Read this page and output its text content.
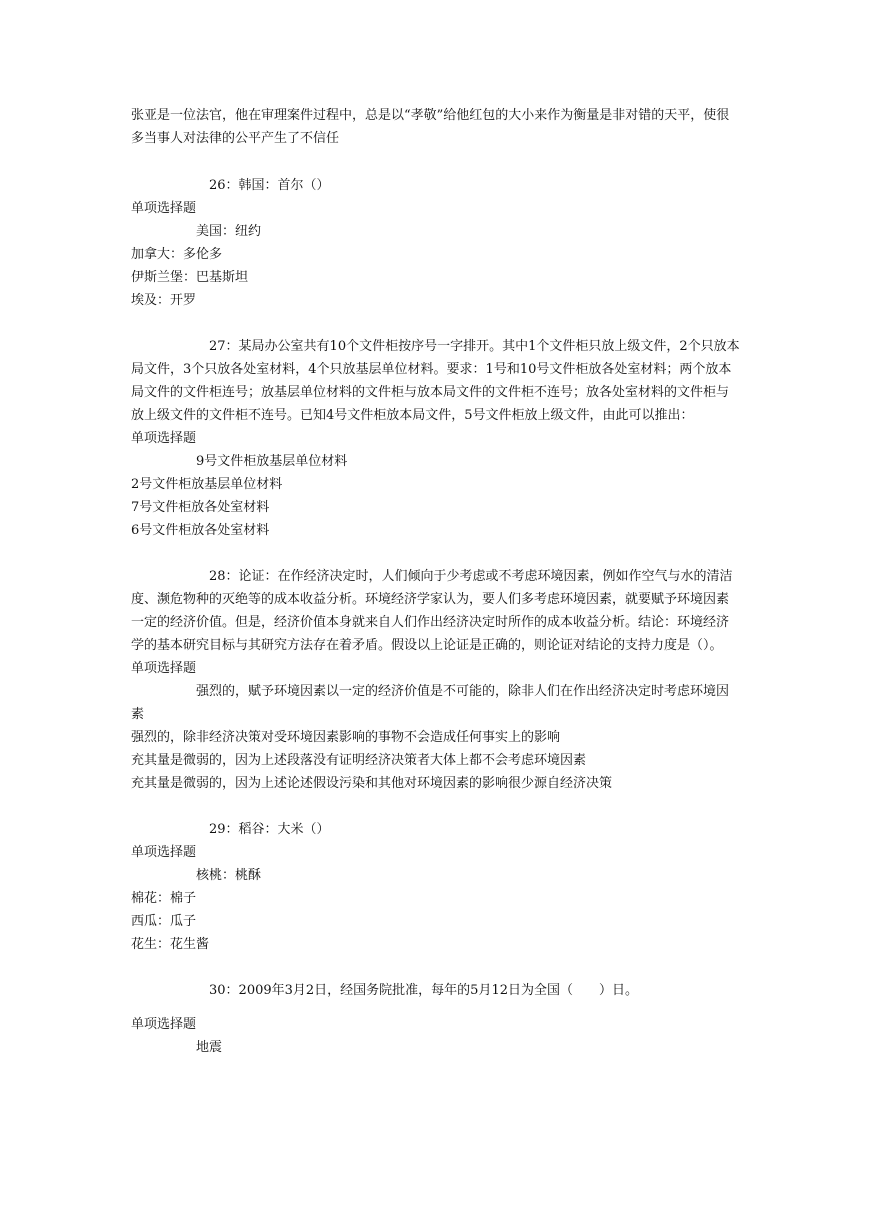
张亚是一位法官，他在审理案件过程中，总是以“孝敬”给他红包的大小来作为衡量是非对错的天平，使很多当事人对法律的公平产生了不信任

26：韩国：首尔（）

单项选择题

美国：纽约

加拿大：多伦多

伊斯兰堡：巴基斯坦

埃及：开罗

27：某局办公室共有10个文件柜按序号一字排开。其中1个文件柜只放上级文件，2个只放本局文件，3个只放各处室材料，4个只放基层单位材料。要求：1号和10号文件柜放各处室材料；两个放本局文件的文件柜连号；放基层单位材料的文件柜与放本局文件的文件柜不连号；放各处室材料的文件柜与放上级文件的文件柜不连号。已知4号文件柜放本局文件，5号文件柜放上级文件，由此可以推出：

单项选择题

9号文件柜放基层单位材料

2号文件柜放基层单位材料

7号文件柜放各处室材料

6号文件柜放各处室材料

28：论证：在作经济决定时，人们倾向于少考虑或不考虑环境因素，例如作空气与水的清洁度、濒危物种的灭绝等的成本收益分析。环境经济学家认为，要人们多考虑环境因素，就要赋予环境因素一定的经济价值。但是，经济价值本身就来自人们作出经济决定时所作的成本收益分析。结论：环境经济学的基本研究目标与其研究方法存在着矛盾。假设以上论证是正确的，则论证对结论的支持力度是（）。

单项选择题

强烈的，赋予环境因素以一定的经济价值是不可能的，除非人们在作出经济决定时考虑环境因素

强烈的，除非经济决策对受环境因素影响的事物不会造成任何事实上的影响

充其量是微弱的，因为上述段落没有证明经济决策者大体上都不会考虑环境因素

充其量是微弱的，因为上述论述假设污染和其他对环境因素的影响很少源自经济决策

29：稻谷：大米（）

单项选择题

核桃：桃酥

棉花：棉子

西瓜：瓜子

花生：花生酱

30：2009年3月2日，经国务院批准，每年的5月12日为全国（　　）日。

单项选择题

地震
